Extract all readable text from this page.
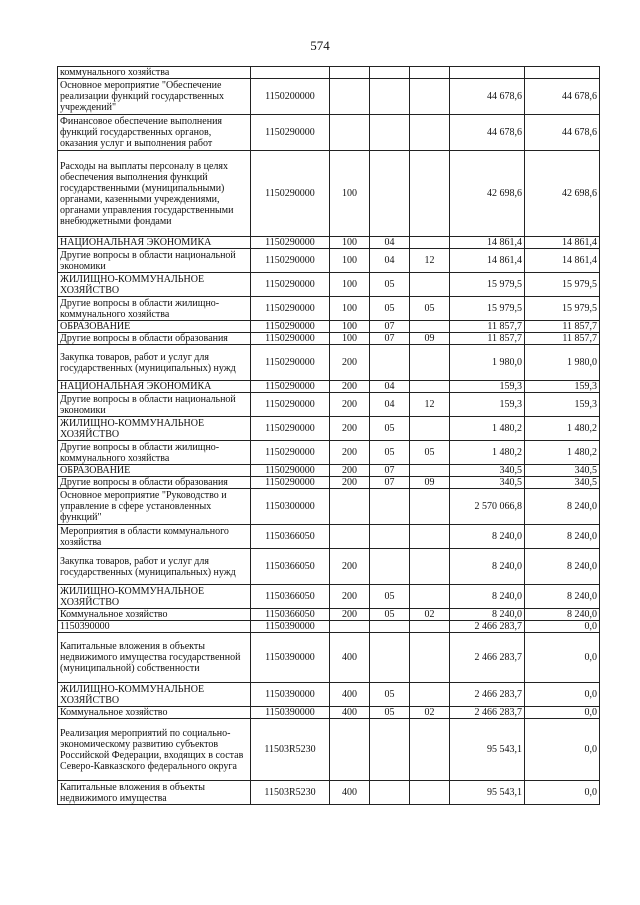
574
коммунального хозяйства						
Основное мероприятие "Обеспечение реализации функций государственных учреждений"	1150200000				44 678,6	44 678,6
Финансовое обеспечение выполнения функций государственных органов, оказания услуг и выполнения работ	1150290000				44 678,6	44 678,6
Расходы на выплаты персоналу в целях обеспечения выполнения функций государственными (муниципальными) органами, казенными учреждениями, органами управления государственными внебюджетными фондами	1150290000	100			42 698,6	42 698,6
НАЦИОНАЛЬНАЯ ЭКОНОМИКА	1150290000	100	04		14 861,4	14 861,4
Другие вопросы в области национальной экономики	1150290000	100	04	12	14 861,4	14 861,4
ЖИЛИЩНО-КОММУНАЛЬНОЕ ХОЗЯЙСТВО	1150290000	100	05		15 979,5	15 979,5
Другие вопросы в области жилищно-коммунального хозяйства	1150290000	100	05	05	15 979,5	15 979,5
ОБРАЗОВАНИЕ	1150290000	100	07		11 857,7	11 857,7
Другие вопросы в области образования	1150290000	100	07	09	11 857,7	11 857,7
Закупка товаров, работ и услуг для государственных (муниципальных) нужд	1150290000	200			1 980,0	1 980,0
НАЦИОНАЛЬНАЯ ЭКОНОМИКА	1150290000	200	04		159,3	159,3
Другие вопросы в области национальной экономики	1150290000	200	04	12	159,3	159,3
ЖИЛИЩНО-КОММУНАЛЬНОЕ ХОЗЯЙСТВО	1150290000	200	05		1 480,2	1 480,2
Другие вопросы в области жилищно-коммунального хозяйства	1150290000	200	05	05	1 480,2	1 480,2
ОБРАЗОВАНИЕ	1150290000	200	07		340,5	340,5
Другие вопросы в области образования	1150290000	200	07	09	340,5	340,5
Основное мероприятие "Руководство и управление в сфере установленных функций"	1150300000				2 570 066,8	8 240,0
Мероприятия в области коммунального хозяйства	1150366050				8 240,0	8 240,0
Закупка товаров, работ и услуг для государственных (муниципальных) нужд	1150366050	200			8 240,0	8 240,0
ЖИЛИЩНО-КОММУНАЛЬНОЕ ХОЗЯЙСТВО	1150366050	200	05		8 240,0	8 240,0
Коммунальное хозяйство	1150366050	200	05	02	8 240,0	8 240,0
1150390000	1150390000				2 466 283,7	0,0
Капитальные вложения в объекты недвижимого имущества государственной (муниципальной) собственности	1150390000	400			2 466 283,7	0,0
ЖИЛИЩНО-КОММУНАЛЬНОЕ ХОЗЯЙСТВО	1150390000	400	05		2 466 283,7	0,0
Коммунальное хозяйство	1150390000	400	05	02	2 466 283,7	0,0
Реализация мероприятий по социально-экономическому развитию субъектов Российской Федерации, входящих в состав Северо-Кавказского федерального округа	11503R5230				95 543,1	0,0
Капитальные вложения в объекты недвижимого имущества	11503R5230	400			95 543,1	0,0
